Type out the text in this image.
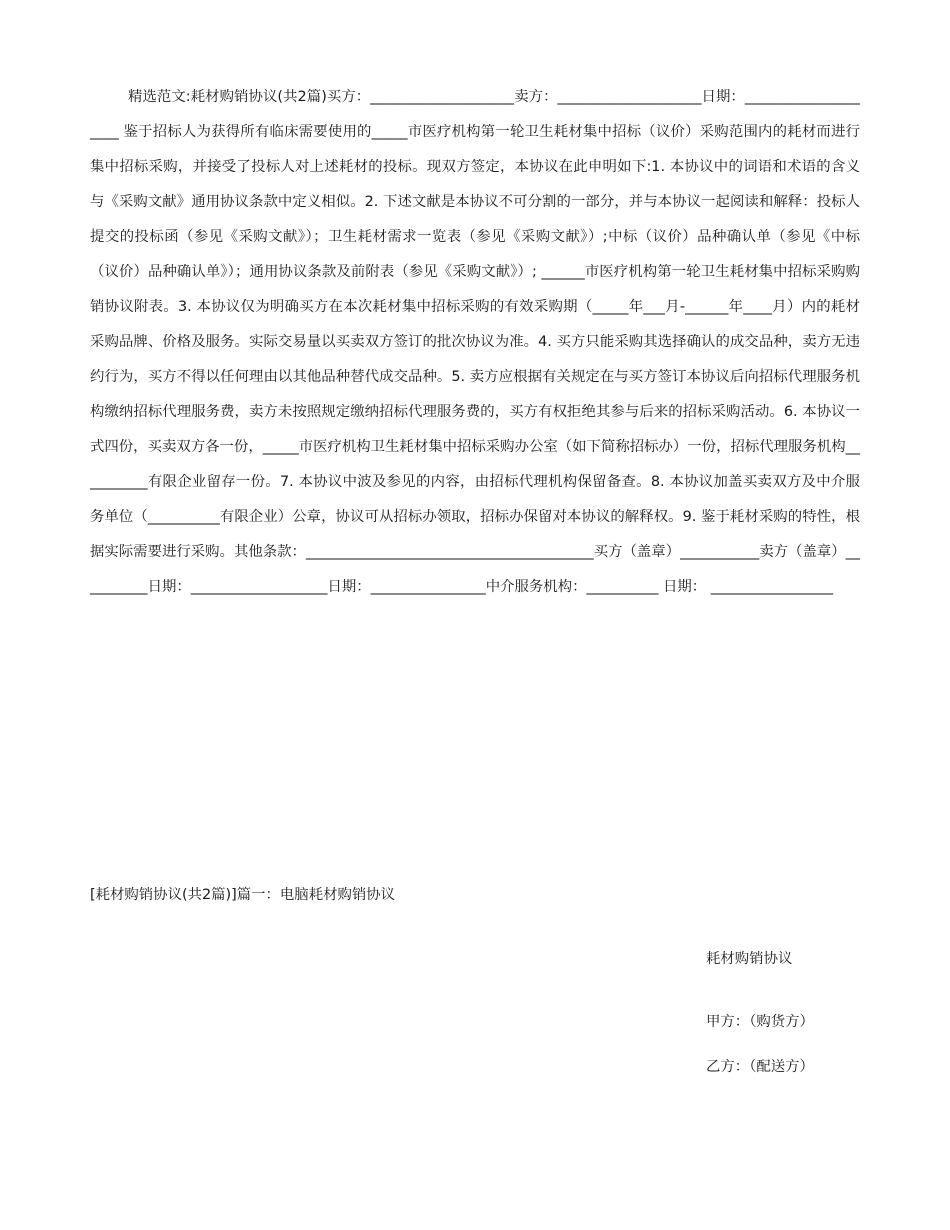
精选范文:耗材购销协议(共2篇)买方：____________________卖方：____________________日期：____________________ 鉴于招标人为获得所有临床需要使用的_____市医疗机构第一轮卫生耗材集中招标（议价）采购范围内的耗材而进行集中招标采购，并接受了投标人对上述耗材的投标。现双方签定，本协议在此申明如下:1. 本协议中的词语和术语的含义与《采购文献》通用协议条款中定义相似。2. 下述文献是本协议不可分割的一部分，并与本协议一起阅读和解释：投标人提交的投标函（参见《采购文献》）；卫生耗材需求一览表（参见《采购文献》）;中标（议价）品种确认单（参见《中标（议价）品种确认单》）；通用协议条款及前附表（参见《采购文献》）; ______市医疗机构第一轮卫生耗材集中招标采购购销协议附表。3. 本协议仅为明确买方在本次耗材集中招标采购的有效采购期（_____年___月-______年____月）内的耗材采购品牌、价格及服务。实际交易量以买卖双方签订的批次协议为准。4. 买方只能采购其选择确认的成交品种，卖方无违约行为，买方不得以任何理由以其他品种替代成交品种。5. 卖方应根据有关规定在与买方签订本协议后向招标代理服务机构缴纳招标代理服务费，卖方未按照规定缴纳招标代理服务费的，买方有权拒绝其参与后来的招标采购活动。6. 本协议一式四份，买卖双方各一份，_____市医疗机构卫生耗材集中招标采购办公室（如下简称招标办）一份，招标代理服务机构__________有限企业留存一份。7. 本协议中波及参见的内容，由招标代理机构保留备查。8. 本协议加盖买卖双方及中介服务单位（__________有限企业）公章，协议可从招标办领取，招标办保留对本协议的解释权。9. 鉴于耗材采购的特性，根据实际需要进行采购。其他条款：________________________________________买方（盖章）___________卖方（盖章）__________日期：___________________日期：________________中介服务机构：__________ 日期： _________________

[耗材购销协议(共2篇)]篇一：电脑耗材购销协议

耗材购销协议

甲方：（购货方）

乙方：（配送方）
